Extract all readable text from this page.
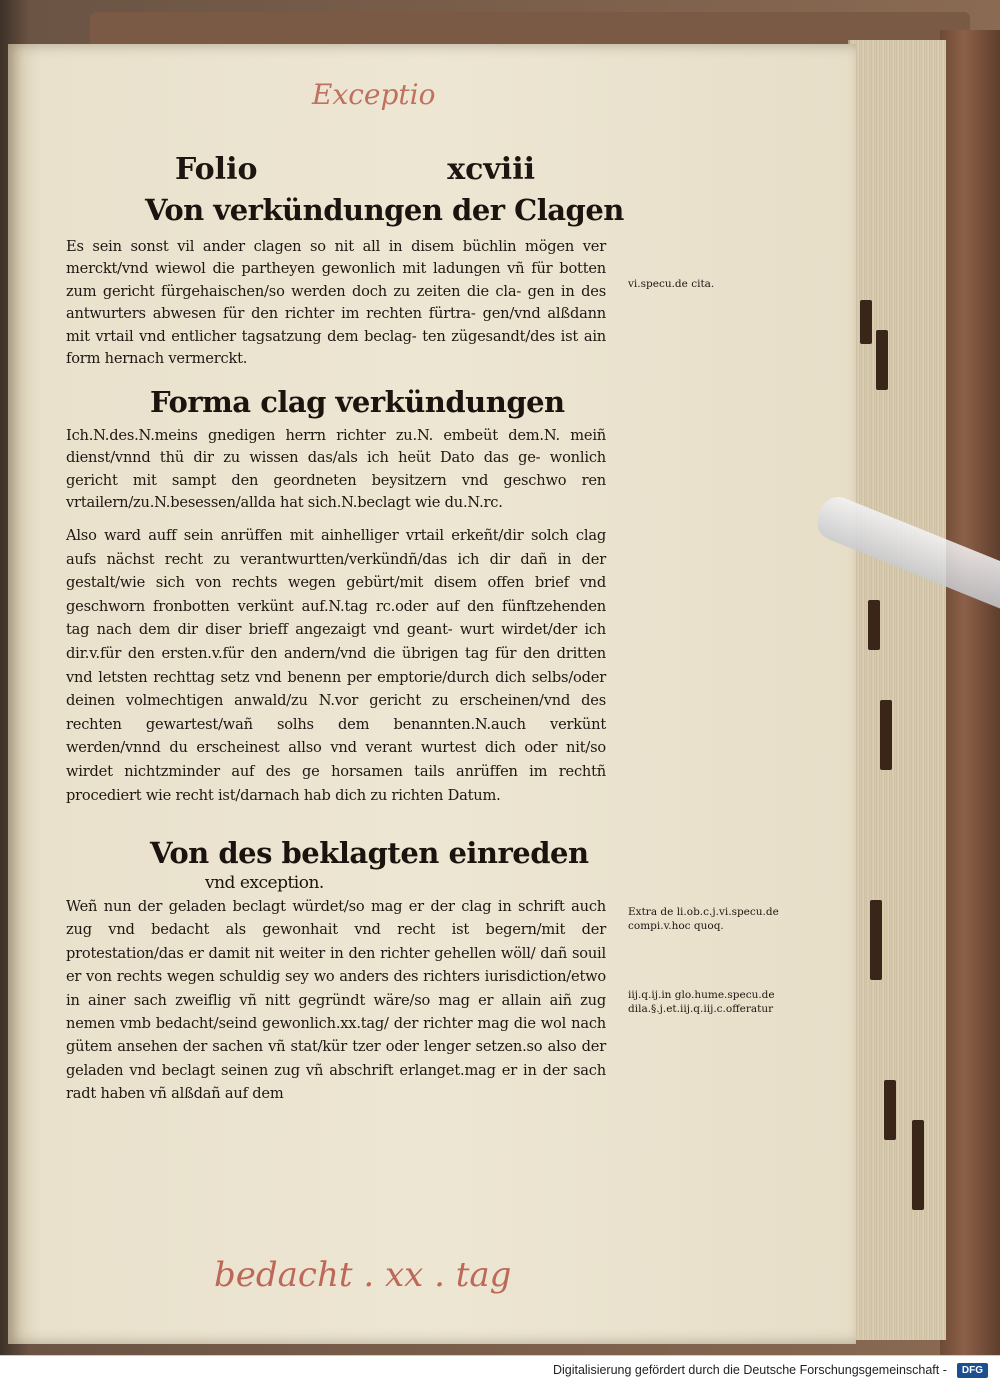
Exceptio
Folio	xcviii
Von verkündungen der Clagen
Es sein sonst vil ander clagen so nit all in disem büchlin mögen ver merckt/vnd wiewol die partheyen gewonlich mit ladungen vñ für botten zum gericht fürgehaischen/so werden doch zu zeiten die cla- gen in des antwurters abwesen für den richter im rechten fürtra- gen/vnd alßdann mit vrtail vnd entlicher tagsatzung dem beclag- ten zügesandt/des ist ain form hernach vermerckt.
Forma clag verkündungen
Ich.N.des.N.meins gnedigen herrn richter zu.N. embeüt dem.N. meiñ dienst/vnnd thü dir zu wissen das/als ich heüt Dato das ge- wonlich gericht mit sampt den geordneten beysitzern vnd geschwo ren vrtailern/zu.N.besessen/allda hat sich.N.beclagt wie du.N.rc.
Also ward auff sein anrüffen mit ainhelliger vrtail erkeñt/dir solch clag aufs nächst recht zu verantwurtten/verkündñ/das ich dir dañ in der gestalt/wie sich von rechts wegen gebürt/mit disem offen brief vnd geschworn fronbotten verkünt auf.N.tag rc.oder auf den fünftzehenden tag nach dem dir diser brieff angezaigt vnd geant- wurt wirdet/der ich dir.v.für den ersten.v.für den andern/vnd die übrigen tag für den dritten vnd letsten rechttag setz vnd benenn per emptorie/durch dich selbs/oder deinen volmechtigen anwald/zu N.vor gericht zu erscheinen/vnd des rechten gewartest/wañ solhs dem benannten.N.auch verkünt werden/vnnd du erscheinest allso vnd verant wurtest dich oder nit/so wirdet nichtzminder auf des ge horsamen tails anrüffen im rechtñ procediert wie recht ist/darnach hab dich zu richten Datum.
Von des beklagten einreden
vnd exception.
Weñ nun der geladen beclagt würdet/so mag er der clag in schrift auch zug vnd bedacht als gewonhait vnd recht ist begern/mit der protestation/das er damit nit weiter in den richter gehellen wöll/ dañ souil er von rechts wegen schuldig sey wo anders des richters iurisdiction/etwo in ainer sach zweiflig vñ nitt gegründt wäre/so mag er allain aiñ zug nemen vmb bedacht/seind gewonlich.xx.tag/ der richter mag die wol nach gütem ansehen der sachen vñ stat/kür tzer oder lenger setzen.so also der geladen vnd beclagt seinen zug vñ abschrift erlanget.mag er in der sach radt haben vñ alßdañ auf dem
vi.specu.de cita.
Extra de li.ob.c.j.vi.specu.de compi.v.hoc quoq.
iij.q.ij.in glo.hume.specu.de dila.§.j.et.iij.q.iij.c.offeratur
bedacht . xx . tag
Digitalisierung gefördert durch die Deutsche Forschungsgemeinschaft -	DFG
